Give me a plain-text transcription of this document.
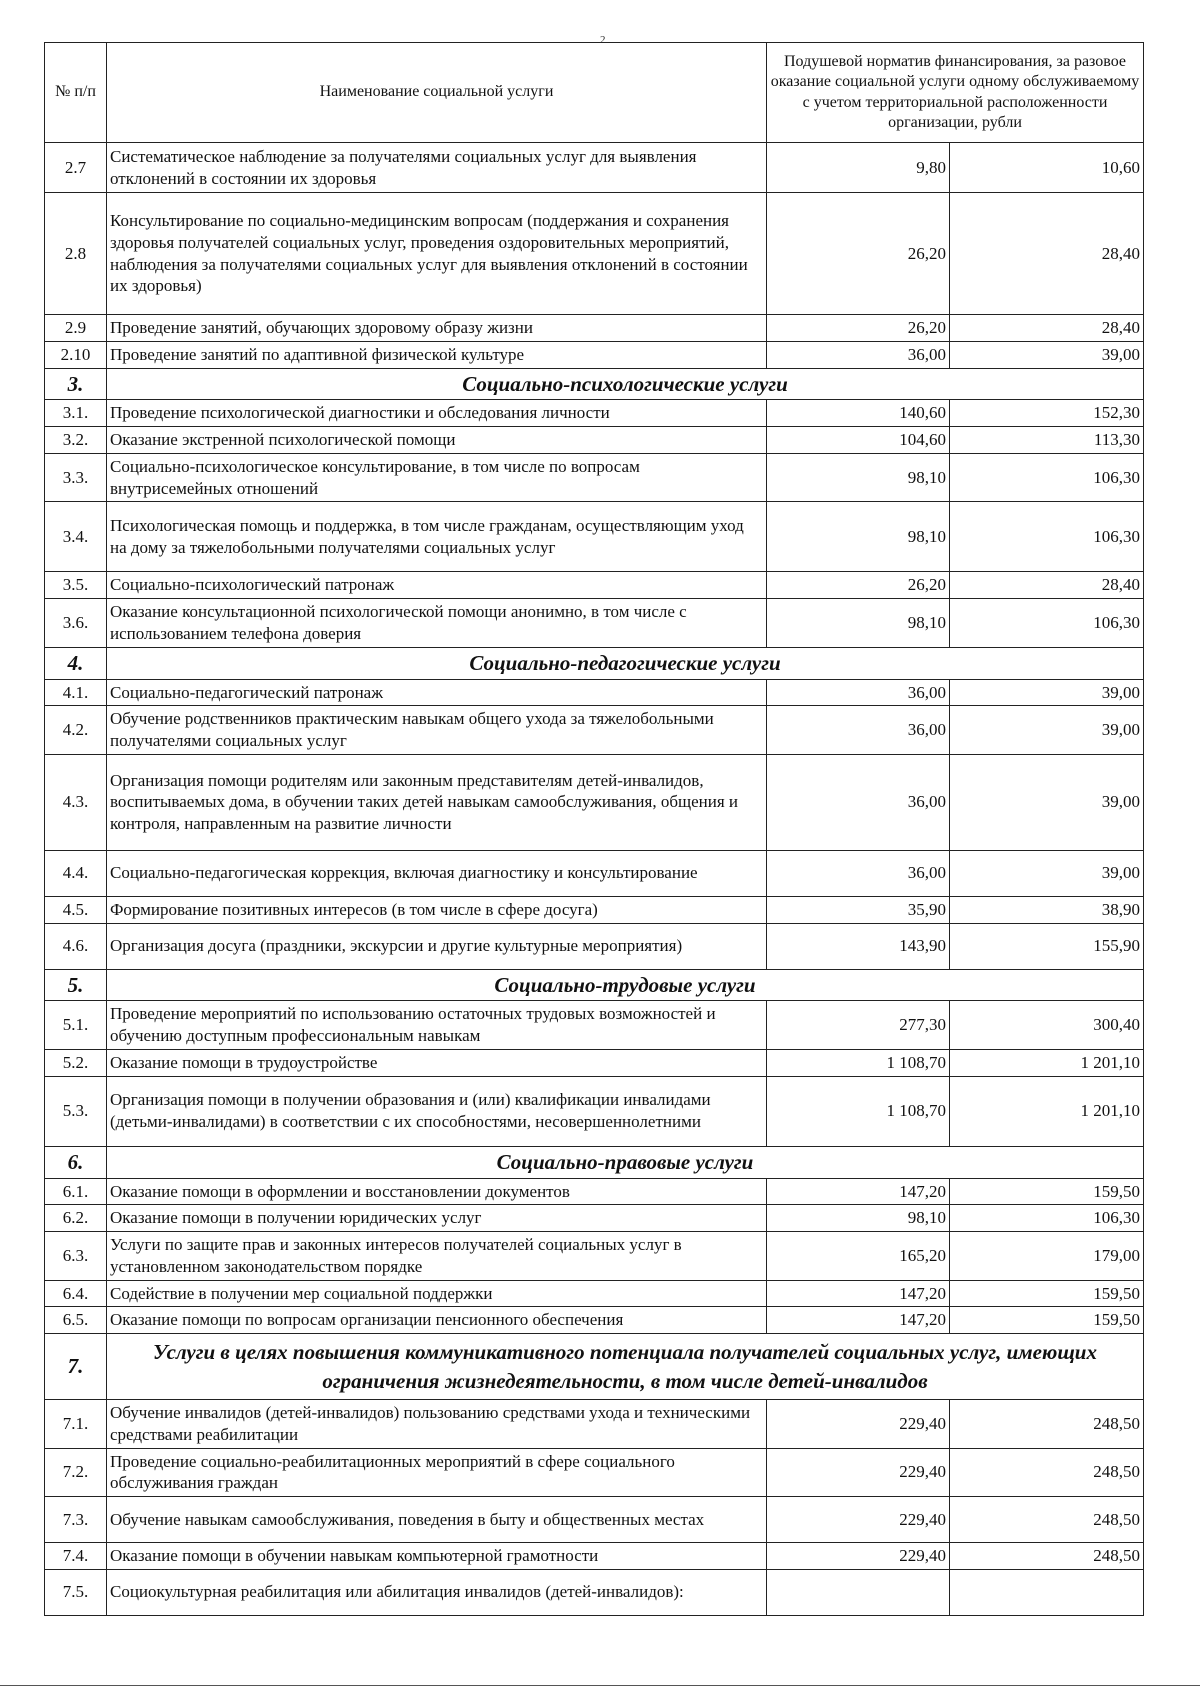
2
№ п/п	Наименование социальной услуги	Подушевой норматив финансирования, за разовое оказание социальной услуги одному обслуживаемому с учетом территориальной расположенности организации, рубли	
2.7	Систематическое наблюдение за получателями социальных услуг для выявления отклонений в состоянии их здоровья	9,80	10,60
2.8	Консультирование по социально-медицинским вопросам (поддержания и сохранения здоровья получателей социальных услуг, проведения оздоровительных мероприятий, наблюдения за получателями социальных услуг для выявления отклонений в состоянии их здоровья)	26,20	28,40
2.9	Проведение занятий, обучающих здоровому образу жизни	26,20	28,40
2.10	Проведение занятий по адаптивной физической культуре	36,00	39,00
3.	Социально-психологические услуги		
3.1.	Проведение психологической диагностики и обследования личности	140,60	152,30
3.2.	Оказание экстренной психологической помощи	104,60	113,30
3.3.	Социально-психологическое консультирование, в том числе по вопросам внутрисемейных отношений	98,10	106,30
3.4.	Психологическая помощь и поддержка, в том числе гражданам, осуществляющим уход на дому за тяжелобольными получателями социальных услуг	98,10	106,30
3.5.	Социально-психологический патронаж	26,20	28,40
3.6.	Оказание консультационной психологической помощи анонимно, в том числе с использованием телефона доверия	98,10	106,30
4.	Социально-педагогические услуги		
4.1.	Социально-педагогический патронаж	36,00	39,00
4.2.	Обучение родственников практическим навыкам общего ухода за тяжелобольными получателями социальных услуг	36,00	39,00
4.3.	Организация помощи родителям или законным представителям детей-инвалидов, воспитываемых дома, в обучении таких детей навыкам самообслуживания, общения и контроля, направленным на развитие личности	36,00	39,00
4.4.	Социально-педагогическая коррекция, включая диагностику и консультирование	36,00	39,00
4.5.	Формирование позитивных интересов (в том числе в сфере досуга)	35,90	38,90
4.6.	Организация досуга (праздники, экскурсии и другие культурные мероприятия)	143,90	155,90
5.	Социально-трудовые услуги		
5.1.	Проведение мероприятий по использованию остаточных трудовых возможностей и обучению доступным профессиональным навыкам	277,30	300,40
5.2.	Оказание помощи в трудоустройстве	1 108,70	1 201,10
5.3.	Организация помощи в получении образования и (или) квалификации инвалидами (детьми-инвалидами) в соответствии с их способностями, несовершеннолетними	1 108,70	1 201,10
6.	Социально-правовые услуги		
6.1.	Оказание помощи в оформлении и восстановлении документов	147,20	159,50
6.2.	Оказание помощи в получении юридических услуг	98,10	106,30
6.3.	Услуги по защите прав и законных интересов получателей социальных услуг в установленном законодательством порядке	165,20	179,00
6.4.	Содействие в получении мер социальной поддержки	147,20	159,50
6.5.	Оказание помощи по вопросам организации пенсионного обеспечения	147,20	159,50
7.	Услуги в целях повышения коммуникативного потенциала получателей социальных услуг, имеющих ограничения жизнедеятельности, в том числе детей-инвалидов		
7.1.	Обучение инвалидов (детей-инвалидов) пользованию средствами ухода и техническими средствами реабилитации	229,40	248,50
7.2.	Проведение социально-реабилитационных мероприятий в сфере социального обслуживания граждан	229,40	248,50
7.3.	Обучение навыкам самообслуживания, поведения в быту и общественных местах	229,40	248,50
7.4.	Оказание помощи в обучении навыкам компьютерной грамотности	229,40	248,50
7.5.	Социокультурная реабилитация или абилитация инвалидов (детей-инвалидов):		
